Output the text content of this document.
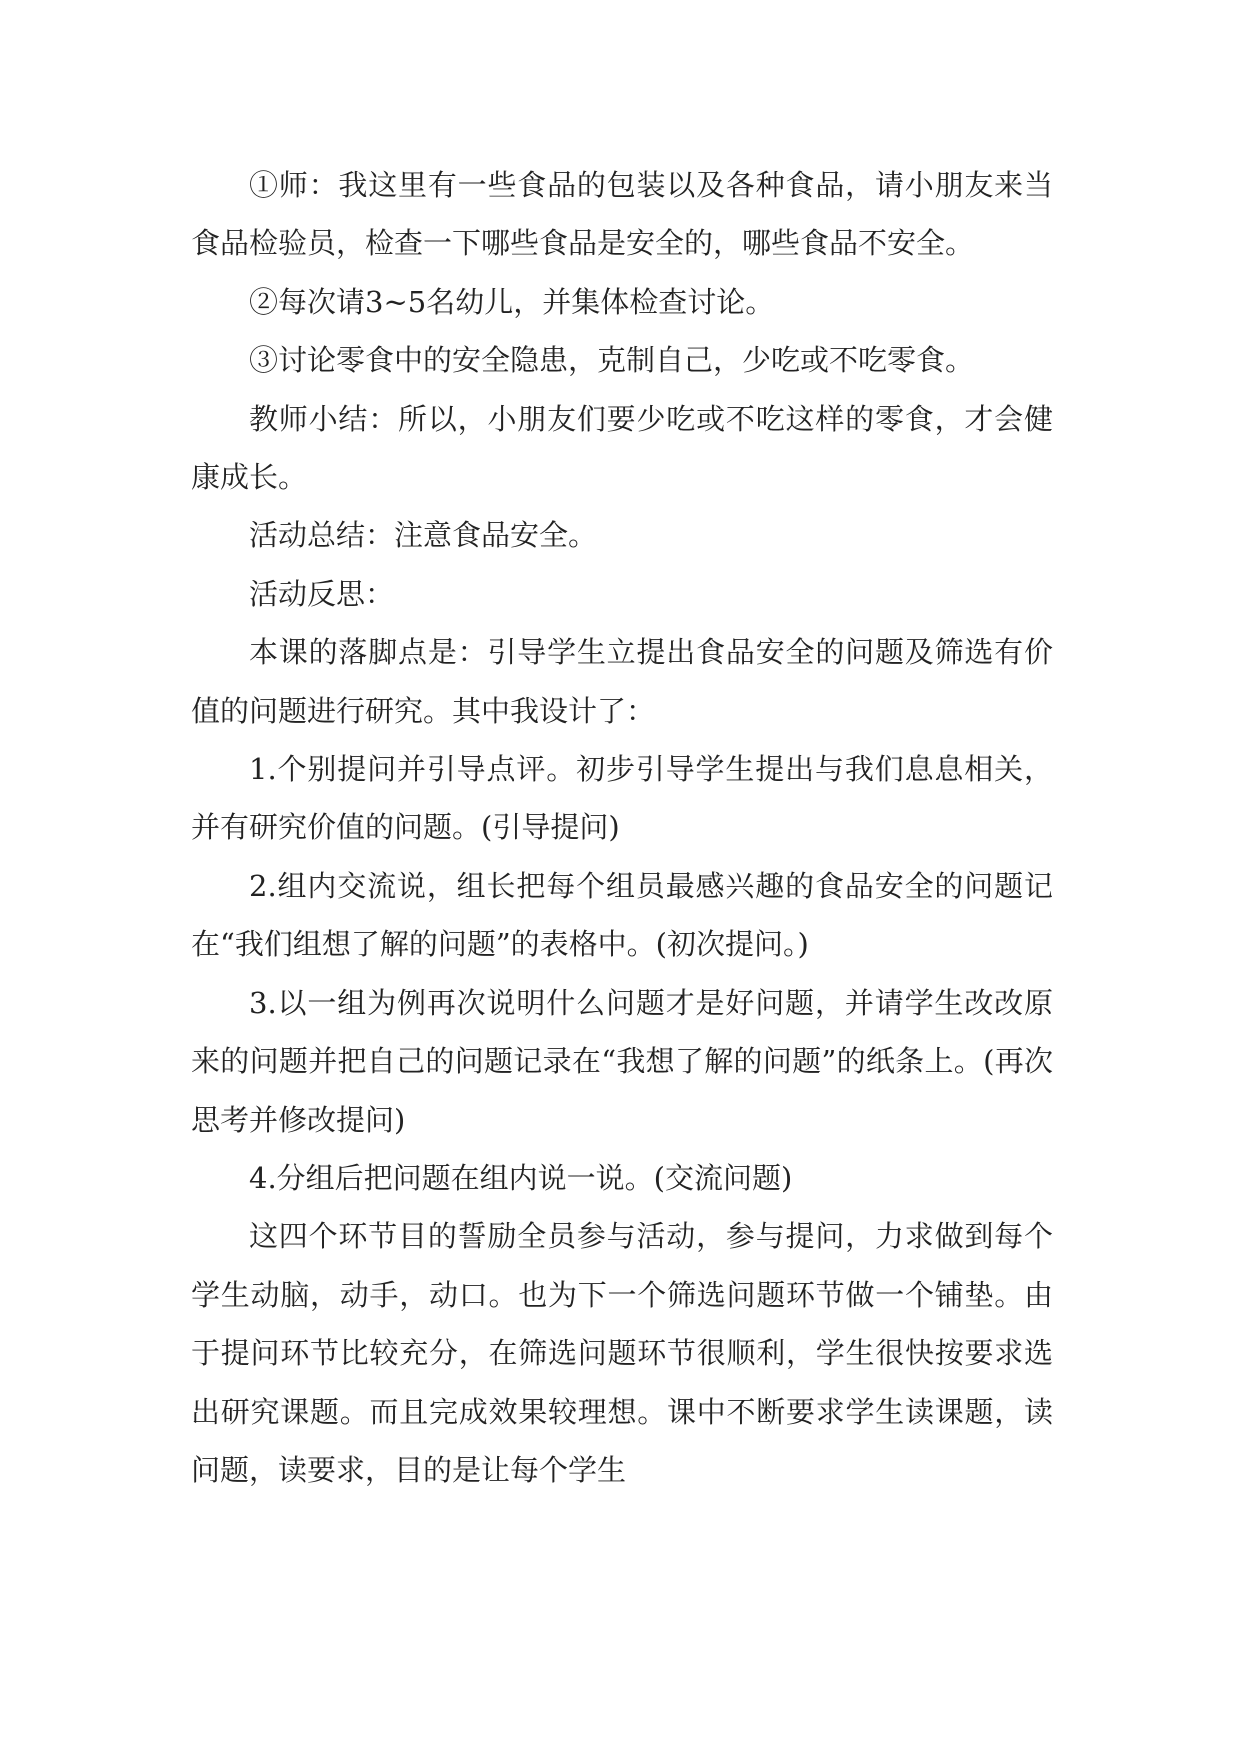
①师：我这里有一些食品的包装以及各种食品，请小朋友来当食品检验员，检查一下哪些食品是安全的，哪些食品不安全。

②每次请3~5名幼儿，并集体检查讨论。

③讨论零食中的安全隐患，克制自己，少吃或不吃零食。

教师小结：所以，小朋友们要少吃或不吃这样的零食，才会健康成长。

活动总结：注意食品安全。

活动反思：

本课的落脚点是：引导学生立提出食品安全的问题及筛选有价值的问题进行研究。其中我设计了：

1.个别提问并引导点评。初步引导学生提出与我们息息相关，并有研究价值的问题。(引导提问)

2.组内交流说，组长把每个组员最感兴趣的食品安全的问题记在“我们组想了解的问题”的表格中。(初次提问。)

3.以一组为例再次说明什么问题才是好问题，并请学生改改原来的问题并把自己的问题记录在“我想了解的问题”的纸条上。(再次思考并修改提问)

4.分组后把问题在组内说一说。(交流问题)

这四个环节目的誓励全员参与活动，参与提问，力求做到每个学生动脑，动手，动口。也为下一个筛选问题环节做一个铺垫。由于提问环节比较充分，在筛选问题环节很顺利，学生很快按要求选出研究课题。而且完成效果较理想。课中不断要求学生读课题，读问题，读要求，目的是让每个学生
